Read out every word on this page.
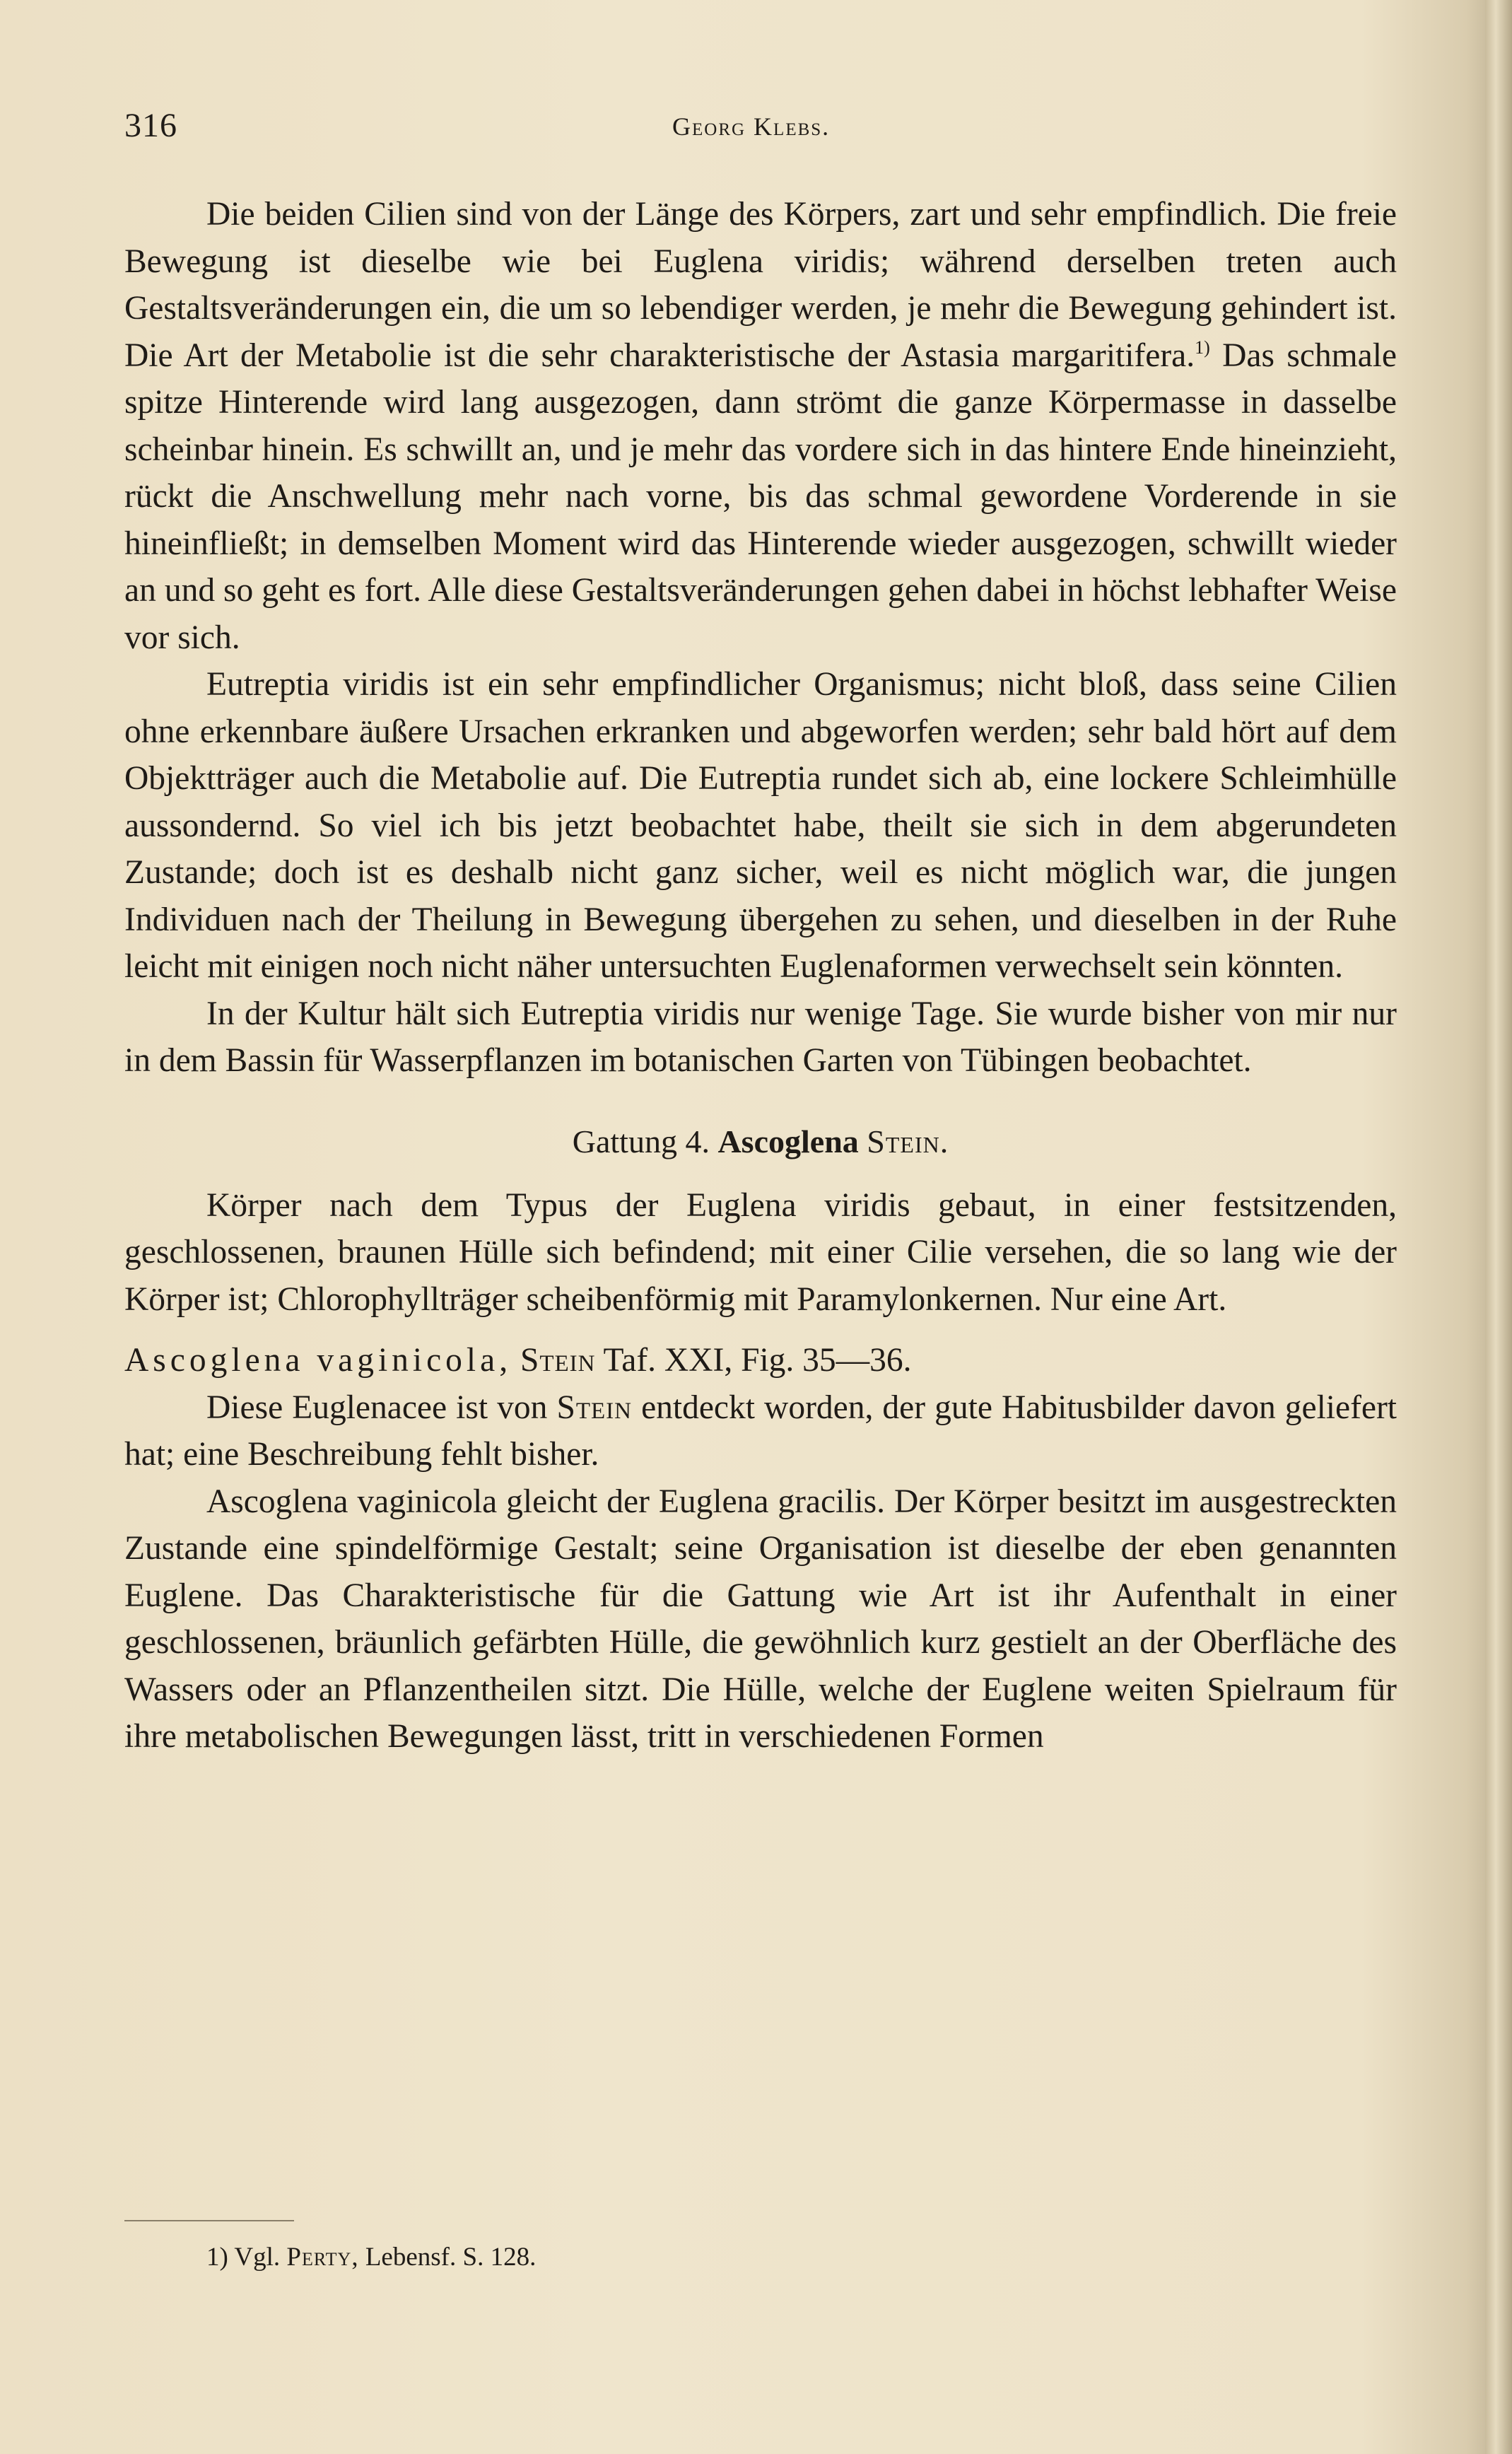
316	Georg Klebs.

Die beiden Cilien sind von der Länge des Körpers, zart und sehr empfindlich. Die freie Bewegung ist dieselbe wie bei Euglena viridis; während derselben treten auch Gestaltsveränderungen ein, die um so lebendiger werden, je mehr die Bewegung gehindert ist. Die Art der Metabolie ist die sehr charakteristische der Astasia margaritifera.$^{1)}$ Das schmale spitze Hinterende wird lang ausgezogen, dann strömt die ganze Körpermasse in dasselbe scheinbar hinein. Es schwillt an, und je mehr das vordere sich in das hintere Ende hineinzieht, rückt die Anschwellung mehr nach vorne, bis das schmal gewordene Vorderende in sie hineinfließt; in demselben Moment wird das Hinterende wieder ausgezogen, schwillt wieder an und so geht es fort. Alle diese Gestaltsveränderungen gehen dabei in höchst lebhafter Weise vor sich.

Eutreptia viridis ist ein sehr empfindlicher Organismus; nicht bloß, dass seine Cilien ohne erkennbare äußere Ursachen erkranken und abgeworfen werden; sehr bald hört auf dem Objektträger auch die Metabolie auf. Die Eutreptia rundet sich ab, eine lockere Schleimhülle aussondernd. So viel ich bis jetzt beobachtet habe, theilt sie sich in dem abgerundeten Zustande; doch ist es deshalb nicht ganz sicher, weil es nicht möglich war, die jungen Individuen nach der Theilung in Bewegung übergehen zu sehen, und dieselben in der Ruhe leicht mit einigen noch nicht näher untersuchten Euglenaformen verwechselt sein könnten.

In der Kultur hält sich Eutreptia viridis nur wenige Tage. Sie wurde bisher von mir nur in dem Bassin für Wasserpflanzen im botanischen Garten von Tübingen beobachtet.

Gattung 4. Ascoglena Stein.

Körper nach dem Typus der Euglena viridis gebaut, in einer festsitzenden, geschlossenen, braunen Hülle sich befindend; mit einer Cilie versehen, die so lang wie der Körper ist; Chlorophyllträger scheibenförmig mit Paramylonkernen. Nur eine Art.

Ascoglena vaginicola, Stein Taf. XXI, Fig. 35—36.

Diese Euglenacee ist von Stein entdeckt worden, der gute Habitusbilder davon geliefert hat; eine Beschreibung fehlt bisher.

Ascoglena vaginicola gleicht der Euglena gracilis. Der Körper besitzt im ausgestreckten Zustande eine spindelförmige Gestalt; seine Organisation ist dieselbe der eben genannten Euglene. Das Charakteristische für die Gattung wie Art ist ihr Aufenthalt in einer geschlossenen, bräunlich gefärbten Hülle, die gewöhnlich kurz gestielt an der Oberfläche des Wassers oder an Pflanzentheilen sitzt. Die Hülle, welche der Euglene weiten Spielraum für ihre metabolischen Bewegungen lässt, tritt in verschiedenen Formen

1) Vgl. Perty, Lebensf. S. 128.
